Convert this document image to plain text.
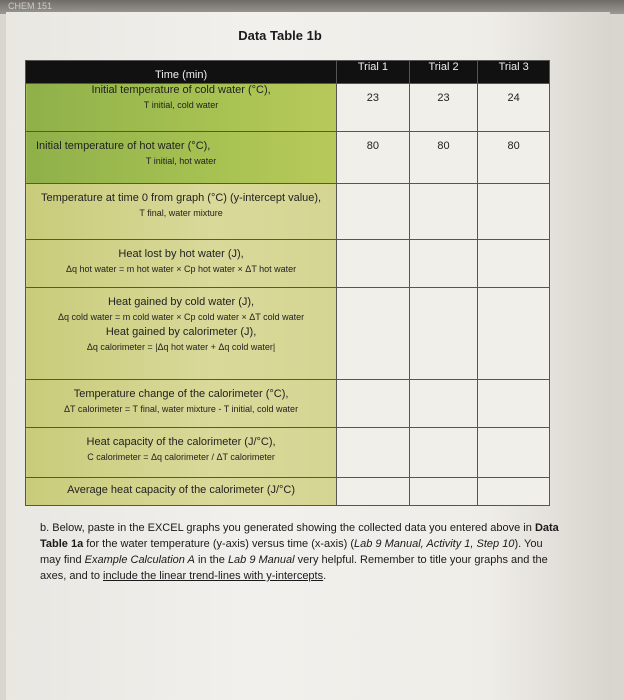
CHEM 151
Data Table 1b
Time (min)	Trial 1	Trial 2	Trial 3

Initial temperature of cold water (°C),
T initial, cold water	23	23	24

Initial temperature of hot water (°C),
T initial, hot water	80	80	80

Temperature at time 0 from graph (°C) (y-intercept value),
T final, water mixture			

Heat lost by hot water (J),
Δq hot water = m hot water × Cp hot water × ΔT hot water			

Heat gained by cold water (J),
Δq cold water = m cold water × Cp cold water × ΔT cold water
Heat gained by calorimeter (J),
Δq calorimeter = |Δq hot water + Δq cold water|			

Temperature change of the calorimeter (°C),
ΔT calorimeter = T final, water mixture - T initial, cold water			

Heat capacity of the calorimeter (J/°C),
C calorimeter = Δq calorimeter / ΔT calorimeter			

Average heat capacity of the calorimeter (J/°C)			

b. Below, paste in the EXCEL graphs you generated showing the collected data you entered above in Data Table 1a for the water temperature (y-axis) versus time (x-axis) (Lab 9 Manual, Activity 1, Step 10). You may find Example Calculation A in the Lab 9 Manual very helpful. Remember to title your graphs and the axes, and to include the linear trend-lines with y-intercepts.
